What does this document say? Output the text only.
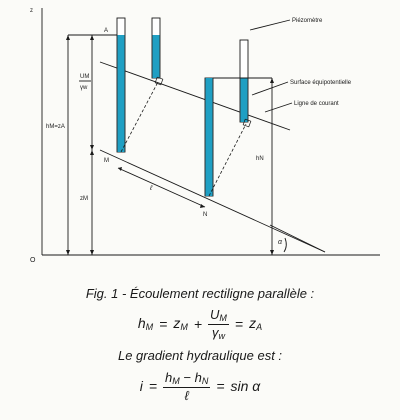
z
O
A
hM=zA
UM
γw
zM
M
ℓ
N
hN
α
Piézomètre
Surface équipotentielle
Ligne de courant
Fig. 1 - Écoulement rectiligne parallèle :
$h_M = z_M + \frac{U_M}{\gamma_w} = z_A$
Le gradient hydraulique est :
$i = \frac{h_M - h_N}{\text{ℓ}} = \sin \alpha$
